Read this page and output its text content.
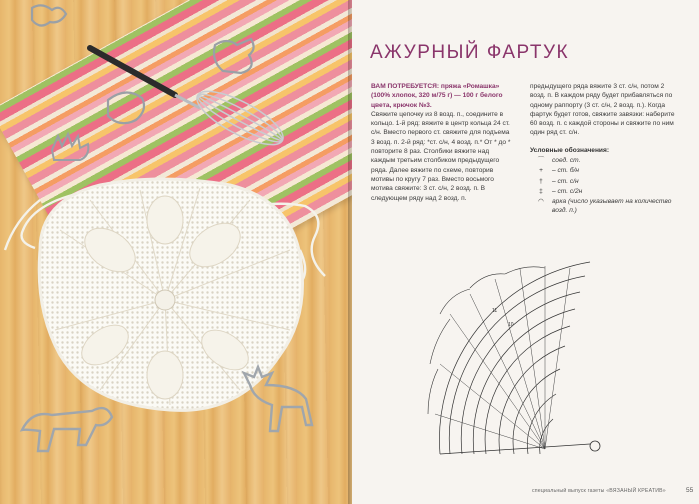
АЖУРНЫЙ ФАРТУК

ВАМ ПОТРЕБУЕТСЯ: пряжа «Ромашка» (100% хлопок, 320 м/75 г) — 100 г белого цвета, крючок №3.

Свяжите цепочку из 8 возд. п., соедините в кольцо. 1-й ряд: вяжите в центр кольца 24 ст. с/н. Вместо первого ст. свяжите для подъема 3 возд. п. 2-й ряд: *ст. с/н, 4 возд. п.* От * до * повторите 8 раз. Столбики вяжите над каждым третьим столбиком предыдущего ряда. Далее вяжите по схеме, повторив мотивы по кругу 7 раз. Вместо восьмого мотива свяжите: 3 ст. с/н, 2 возд. п. В следующем ряду над 2 возд. п.

предыдущего ряда вяжите 3 ст. с/н, потом 2 возд. п. В каждом ряду будет прибавляться по одному раппорту (3 ст. с/н, 2 возд. п.). Когда фартук будет готов, свяжите завязки: наберите 60 возд. п. с каждой стороны и свяжите по ним один ряд ст. с/н.

Условные обозначения:

⌒	соед. ст.
+	– ст. б/н
†	– ст. с/н
‡	– ст. с/2н
◠	арка (число указывает на количество возд. п.)
10
11
специальный выпуск газеты «ВЯЗАНЫЙ КРЕАТИВ»	55
